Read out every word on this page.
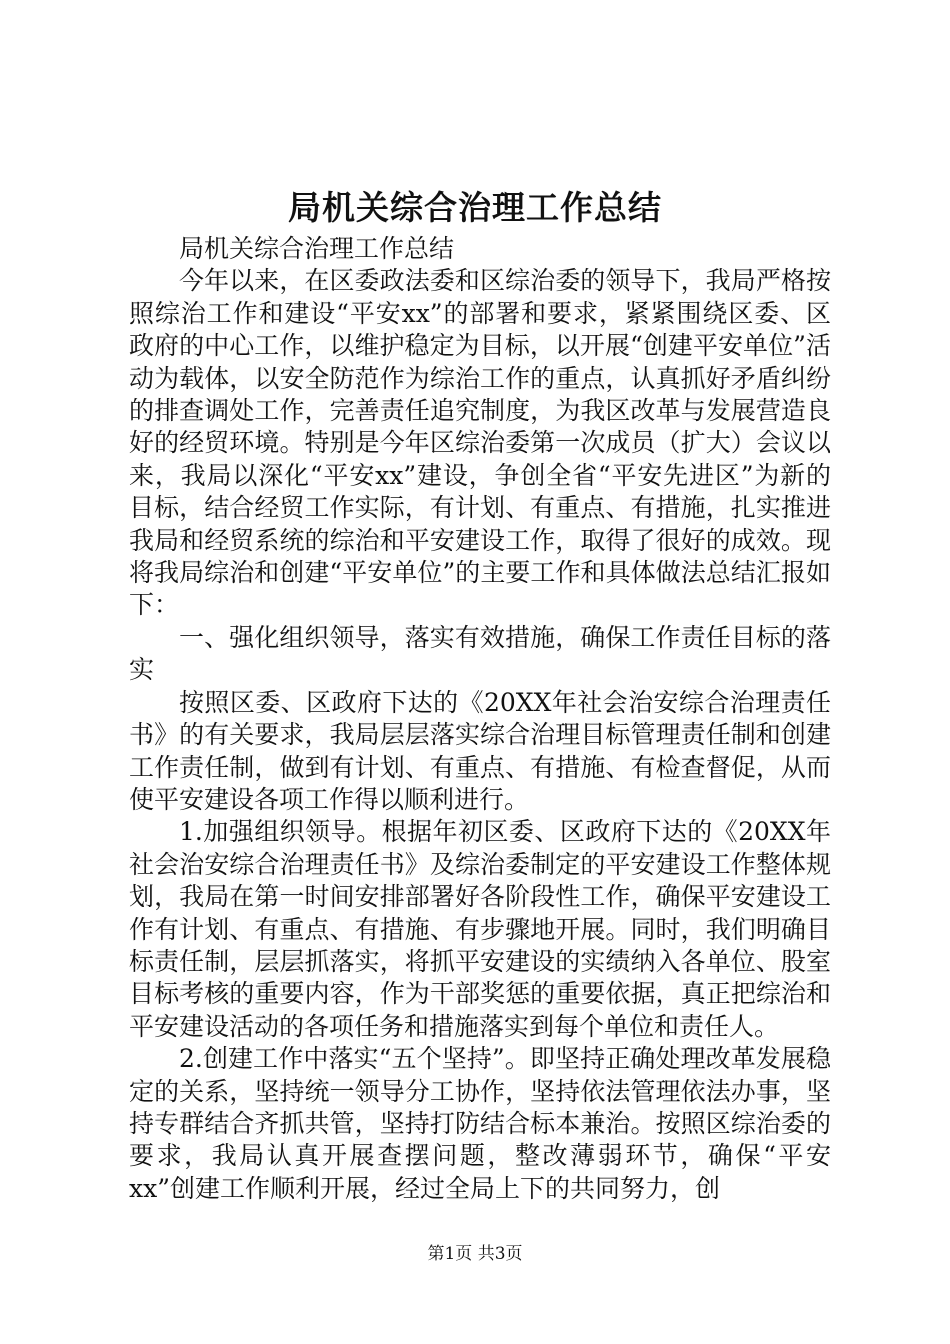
局机关综合治理工作总结

局机关综合治理工作总结

今年以来，在区委政法委和区综治委的领导下，我局严格按照综治工作和建设“平安xx”的部署和要求，紧紧围绕区委、区政府的中心工作，以维护稳定为目标，以开展“创建平安单位”活动为载体，以安全防范作为综治工作的重点，认真抓好矛盾纠纷的排查调处工作，完善责任追究制度，为我区改革与发展营造良好的经贸环境。特别是今年区综治委第一次成员（扩大）会议以来，我局以深化“平安xx”建设，争创全省“平安先进区”为新的目标，结合经贸工作实际，有计划、有重点、有措施，扎实推进我局和经贸系统的综治和平安建设工作，取得了很好的成效。现将我局综治和创建“平安单位”的主要工作和具体做法总结汇报如下：

一、强化组织领导，落实有效措施，确保工作责任目标的落实

按照区委、区政府下达的《20XX年社会治安综合治理责任书》的有关要求，我局层层落实综合治理目标管理责任制和创建工作责任制，做到有计划、有重点、有措施、有检查督促，从而使平安建设各项工作得以顺利进行。

1.加强组织领导。根据年初区委、区政府下达的《20XX年社会治安综合治理责任书》及综治委制定的平安建设工作整体规划，我局在第一时间安排部署好各阶段性工作，确保平安建设工作有计划、有重点、有措施、有步骤地开展。同时，我们明确目标责任制，层层抓落实，将抓平安建设的实绩纳入各单位、股室目标考核的重要内容，作为干部奖惩的重要依据，真正把综治和平安建设活动的各项任务和措施落实到每个单位和责任人。

2.创建工作中落实“五个坚持”。即坚持正确处理改革发展稳定的关系，坚持统一领导分工协作，坚持依法管理依法办事，坚持专群结合齐抓共管，坚持打防结合标本兼治。按照区综治委的要求，我局认真开展查摆问题，整改薄弱环节，确保“平安xx”创建工作顺利开展，经过全局上下的共同努力，创

第1页 共3页
